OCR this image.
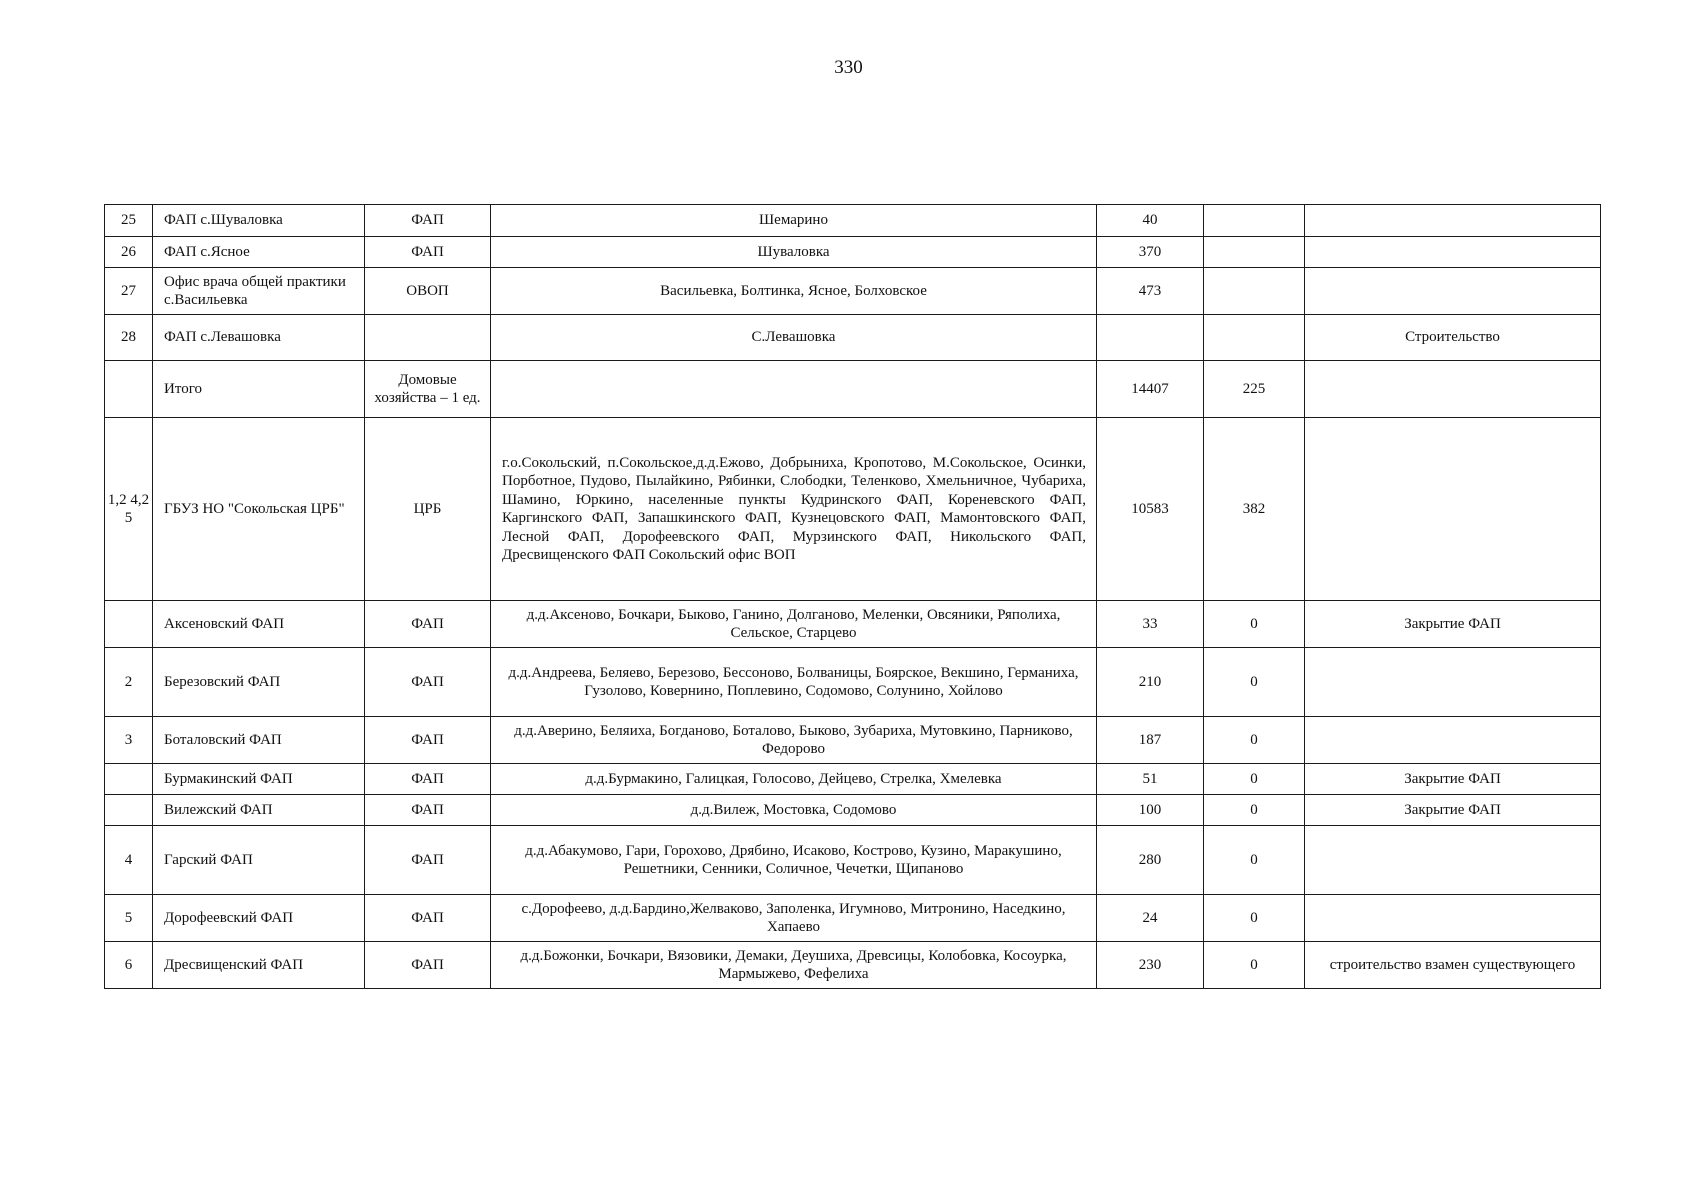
330
25	ФАП с.Шуваловка	ФАП	Шемарино	40		
26	ФАП с.Ясное	ФАП	Шуваловка	370		
27	Офис врача общей практики с.Васильевка	ОВОП	Васильевка, Болтинка, Ясное, Болховское	473		
28	ФАП с.Левашовка		С.Левашовка			Строительство
	Итого	Домовые хозяйства – 1 ед.		14407	225	
1,2 4,2 5	ГБУЗ НО "Сокольская ЦРБ"	ЦРБ	г.о.Сокольский, п.Сокольское,д.д.Ежово, Добрыниха, Кропотово, М.Сокольское, Осинки, Порботное, Пудово, Пылайкино, Рябинки, Слободки, Теленково, Хмельничное, Чубариха, Шамино, Юркино, населенные пункты Кудринского ФАП, Кореневского ФАП, Каргинского ФАП, Запашкинского ФАП, Кузнецовского ФАП, Мамонтовского ФАП, Лесной ФАП, Дорофеевского ФАП, Мурзинского ФАП, Никольского ФАП, Дресвищенского ФАП Сокольский офис ВОП	10583	382	
	Аксеновский ФАП	ФАП	д.д.Аксеново, Бочкари, Быково, Ганино, Долганово, Меленки, Овсяники, Ряполиха, Сельское, Старцево	33	0	Закрытие ФАП
2	Березовский ФАП	ФАП	д.д.Андреева, Беляево, Березово, Бессоново, Болваницы, Боярское, Векшино, Германиха, Гузолово, Ковернино, Поплевино, Содомово, Солунино, Хойлово	210	0	
3	Боталовский ФАП	ФАП	д.д.Аверино, Беляиха, Богданово, Боталово, Быково, Зубариха, Мутовкино, Парниково, Федорово	187	0	
	Бурмакинский ФАП	ФАП	д.д.Бурмакино, Галицкая, Голосово, Дейцево, Стрелка, Хмелевка	51	0	Закрытие ФАП
	Вилежский ФАП	ФАП	д.д.Вилеж, Мостовка, Содомово	100	0	Закрытие ФАП
4	Гарский ФАП	ФАП	д.д.Абакумово, Гари, Горохово, Дрябино, Исаково, Кострово, Кузино, Маракушино, Решетники, Сенники, Соличное, Чечетки, Щипаново	280	0	
5	Дорофеевский ФАП	ФАП	с.Дорофеево, д.д.Бардино,Желваково, Заполенка, Игумново, Митронино, Наседкино, Хапаево	24	0	
6	Дресвищенский ФАП	ФАП	д.д.Божонки, Бочкари, Вязовики, Демаки, Деушиха, Древсицы, Колобовка, Косоурка, Мармыжево, Фефелиха	230	0	строительство взамен существующего
